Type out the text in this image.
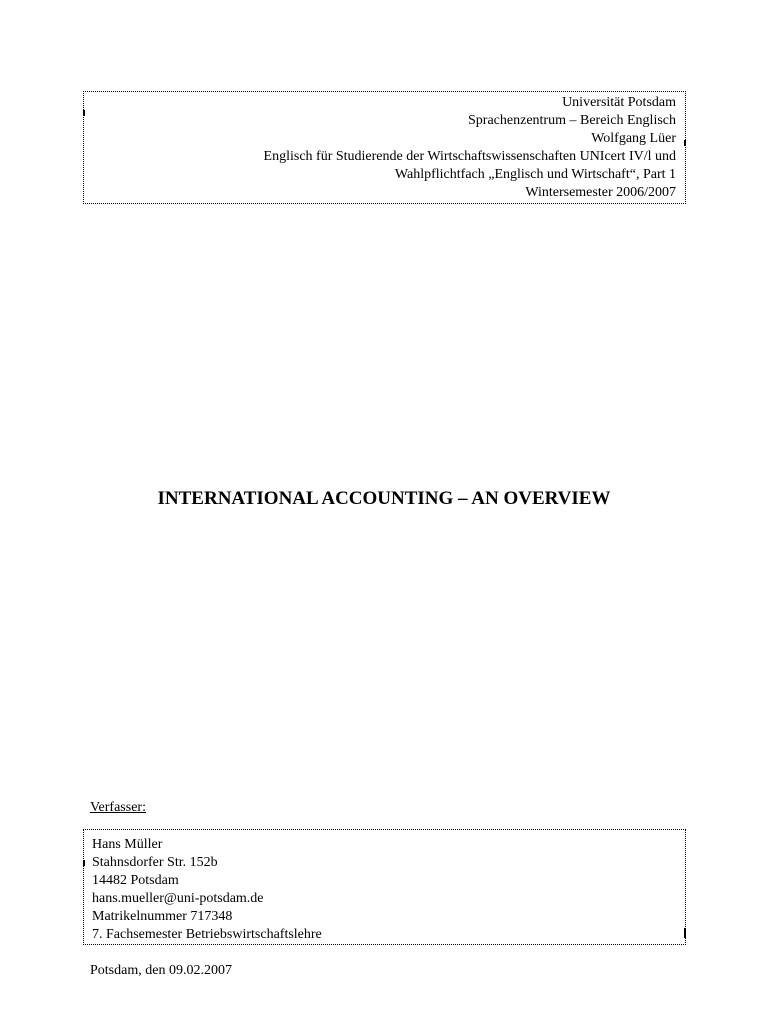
Universität Potsdam
Sprachenzentrum – Bereich Englisch
Wolfgang Lüer
Englisch für Studierende der Wirtschaftswissenschaften UNIcert IV/l und
Wahlpflichtfach „Englisch und Wirtschaft“, Part 1
Wintersemester 2006/2007
INTERNATIONAL ACCOUNTING – AN OVERVIEW
Verfasser:
Hans Müller
Stahnsdorfer Str. 152b
14482 Potsdam
hans.mueller@uni-potsdam.de
Matrikelnummer 717348
7. Fachsemester Betriebswirtschaftslehre
Potsdam, den 09.02.2007
